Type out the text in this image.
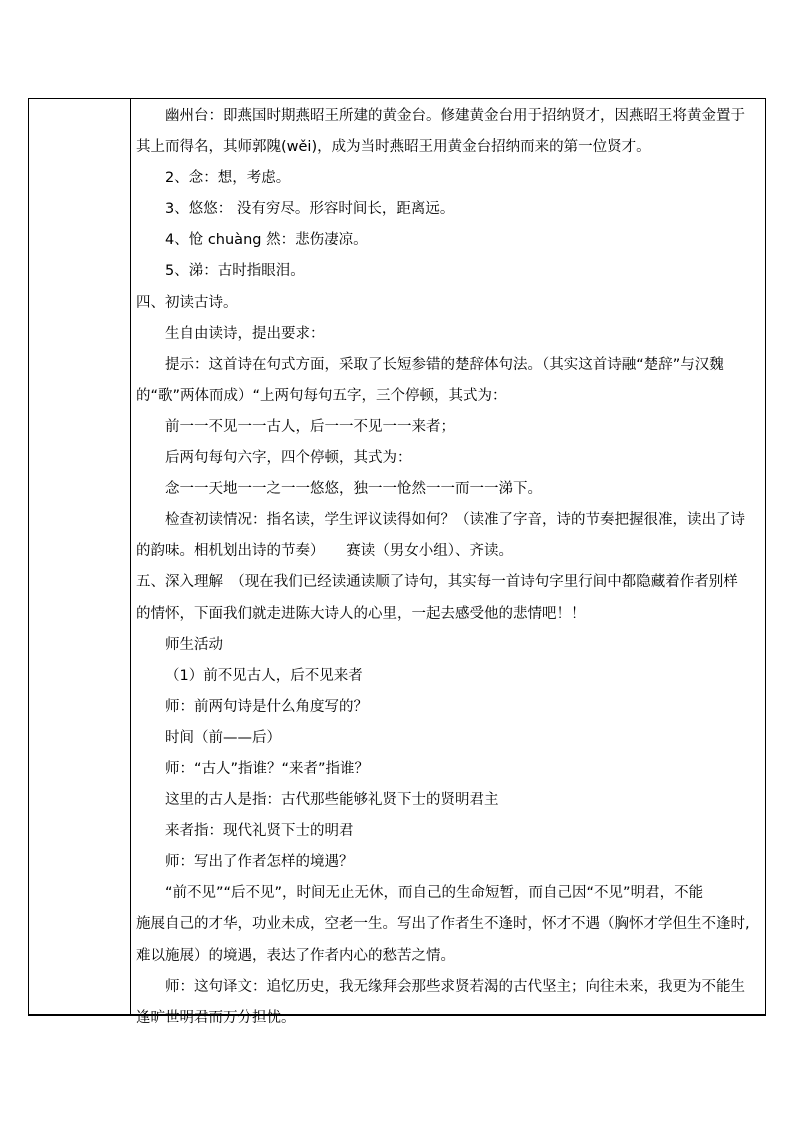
幽州台：即燕国时期燕昭王所建的黄金台。修建黄金台用于招纳贤才，因燕昭王将黄金置于
其上而得名，其师郭隗(wěi)，成为当时燕昭王用黄金台招纳而来的第一位贤才。
2、念：想，考虑。
3、悠悠： 没有穷尽。形容时间长，距离远。
4、怆 chuàng 然：悲伤凄凉。
5、涕：古时指眼泪。
四、初读古诗。
生自由读诗，提出要求：
提示：这首诗在句式方面，采取了长短参错的楚辞体句法。（其实这首诗融“楚辞”与汉魏
的“歌”两体而成）“上两句每句五字，三个停顿，其式为：
前一一不见一一古人，后一一不见一一来者；
后两句每句六字，四个停顿，其式为：
念一一天地一一之一一悠悠，独一一怆然一一而一一涕下。
检查初读情况：指名读，学生评议读得如何？（读准了字音，诗的节奏把握很准，读出了诗
的韵味。相机划出诗的节奏）　　赛读（男女小组）、齐读。
五、深入理解　（现在我们已经读通读顺了诗句，其实每一首诗句字里行间中都隐藏着作者别样
的情怀，下面我们就走进陈大诗人的心里，一起去感受他的悲情吧！！
师生活动
（1）前不见古人，后不见来者
师：前两句诗是什么角度写的？
时间（前——后）
师：“古人”指谁？“来者”指谁？
这里的古人是指：古代那些能够礼贤下士的贤明君主
来者指：现代礼贤下士的明君
师：写出了作者怎样的境遇？
“前不见”“后不见”，时间无止无休，而自己的生命短暂，而自己因“不见”明君，不能
施展自己的才华，功业未成，空老一生。写出了作者生不逢时，怀才不遇（胸怀才学但生不逢时,
难以施展）的境遇，表达了作者内心的愁苦之情。
师：这句译文：追忆历史，我无缘拜会那些求贤若渴的古代坚主；向往未来，我更为不能生
逢旷世明君而万分担忧。
